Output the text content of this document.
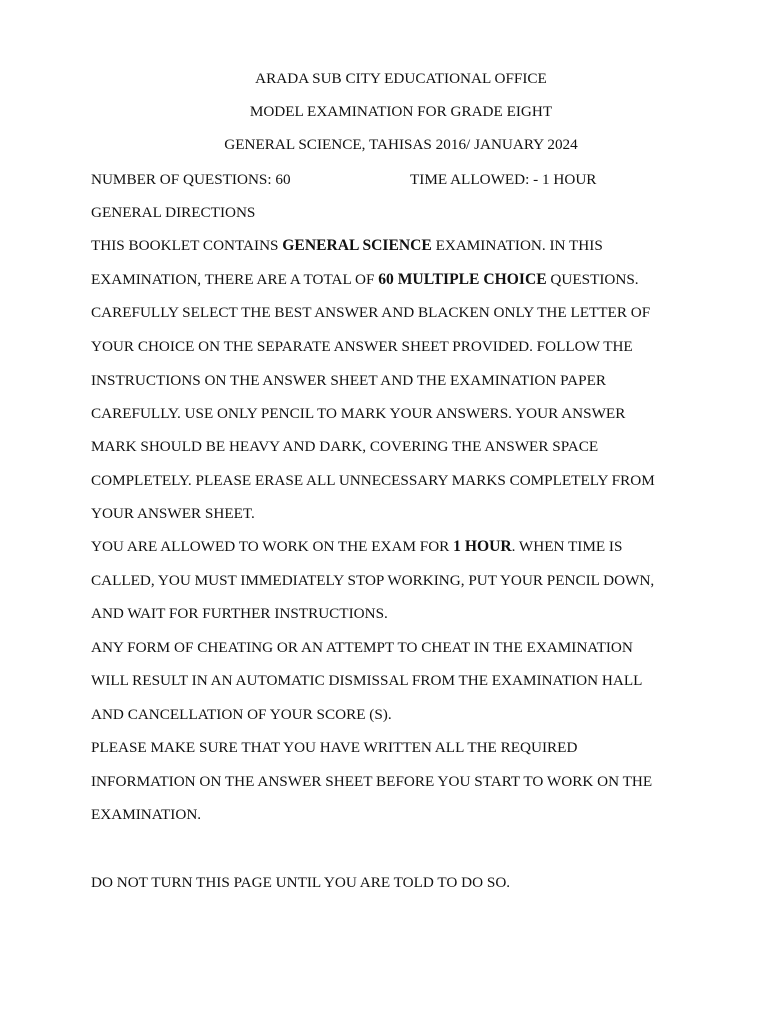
ARADA SUB CITY EDUCATIONAL OFFICE
MODEL EXAMINATION FOR GRADE EIGHT
GENERAL SCIENCE, TAHISAS 2016/ JANUARY 2024
NUMBER OF QUESTIONS: 60	TIME ALLOWED: - 1 HOUR
GENERAL DIRECTIONS
THIS BOOKLET CONTAINS GENERAL SCIENCE EXAMINATION. IN THIS
EXAMINATION, THERE ARE A TOTAL OF 60 MULTIPLE CHOICE QUESTIONS.
CAREFULLY SELECT THE BEST ANSWER AND BLACKEN ONLY THE LETTER OF
YOUR CHOICE ON THE SEPARATE ANSWER SHEET PROVIDED. FOLLOW THE
INSTRUCTIONS ON THE ANSWER SHEET AND THE EXAMINATION PAPER
CAREFULLY. USE ONLY PENCIL TO MARK YOUR ANSWERS. YOUR ANSWER
MARK SHOULD BE HEAVY AND DARK, COVERING THE ANSWER SPACE
COMPLETELY. PLEASE ERASE ALL UNNECESSARY MARKS COMPLETELY FROM
YOUR ANSWER SHEET.
YOU ARE ALLOWED TO WORK ON THE EXAM FOR 1 HOUR. WHEN TIME IS
CALLED, YOU MUST IMMEDIATELY STOP WORKING, PUT YOUR PENCIL DOWN,
AND WAIT FOR FURTHER INSTRUCTIONS.
ANY FORM OF CHEATING OR AN ATTEMPT TO CHEAT IN THE EXAMINATION
WILL RESULT IN AN AUTOMATIC DISMISSAL FROM THE EXAMINATION HALL
AND CANCELLATION OF YOUR SCORE (S).
PLEASE MAKE SURE THAT YOU HAVE WRITTEN ALL THE REQUIRED
INFORMATION ON THE ANSWER SHEET BEFORE YOU START TO WORK ON THE
EXAMINATION.
DO NOT TURN THIS PAGE UNTIL YOU ARE TOLD TO DO SO.
